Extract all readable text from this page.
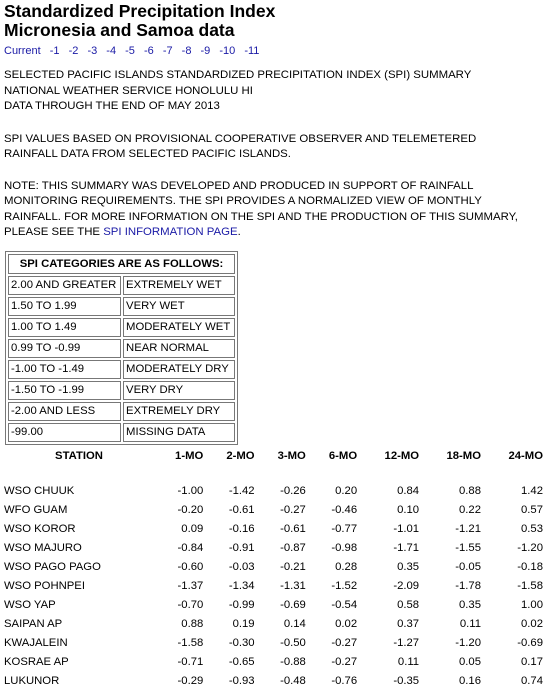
Standardized Precipitation Index
Micronesia and Samoa data
Current -1 -2 -3 -4 -5 -6 -7 -8 -9 -10 -11

SELECTED PACIFIC ISLANDS STANDARDIZED PRECIPITATION INDEX (SPI) SUMMARY
NATIONAL WEATHER SERVICE HONOLULU HI
DATA THROUGH THE END OF MAY 2013

SPI VALUES BASED ON PROVISIONAL COOPERATIVE OBSERVER AND TELEMETERED
RAINFALL DATA FROM SELECTED PACIFIC ISLANDS.

NOTE: THIS SUMMARY WAS DEVELOPED AND PRODUCED IN SUPPORT OF RAINFALL
MONITORING REQUIREMENTS. THE SPI PROVIDES A NORMALIZED VIEW OF MONTHLY
RAINFALL. FOR MORE INFORMATION ON THE SPI AND THE PRODUCTION OF THIS SUMMARY,
PLEASE SEE THE SPI INFORMATION PAGE.

SPI CATEGORIES ARE AS FOLLOWS:	
2.00 AND GREATER	EXTREMELY WET
1.50 TO 1.99	VERY WET
1.00 TO 1.49	MODERATELY WET
0.99 TO -0.99	NEAR NORMAL
-1.00 TO -1.49	MODERATELY DRY
-1.50 TO -1.99	VERY DRY
-2.00 AND LESS	EXTREMELY DRY
-99.00	MISSING DATA
STATION	1-MO	2-MO	3-MO	6-MO	12-MO	18-MO	24-MO

WSO CHUUK	-1.00	-1.42	-0.26	0.20	0.84	0.88	1.42
WFO GUAM	-0.20	-0.61	-0.27	-0.46	0.10	0.22	0.57
WSO KOROR	0.09	-0.16	-0.61	-0.77	-1.01	-1.21	0.53
WSO MAJURO	-0.84	-0.91	-0.87	-0.98	-1.71	-1.55	-1.20
WSO PAGO PAGO	-0.60	-0.03	-0.21	0.28	0.35	-0.05	-0.18
WSO POHNPEI	-1.37	-1.34	-1.31	-1.52	-2.09	-1.78	-1.58
WSO YAP	-0.70	-0.99	-0.69	-0.54	0.58	0.35	1.00
SAIPAN AP	0.88	0.19	0.14	0.02	0.37	0.11	0.02
KWAJALEIN	-1.58	-0.30	-0.50	-0.27	-1.27	-1.20	-0.69
KOSRAE AP	-0.71	-0.65	-0.88	-0.27	0.11	0.05	0.17
LUKUNOR	-0.29	-0.93	-0.48	-0.76	-0.35	0.16	0.74
